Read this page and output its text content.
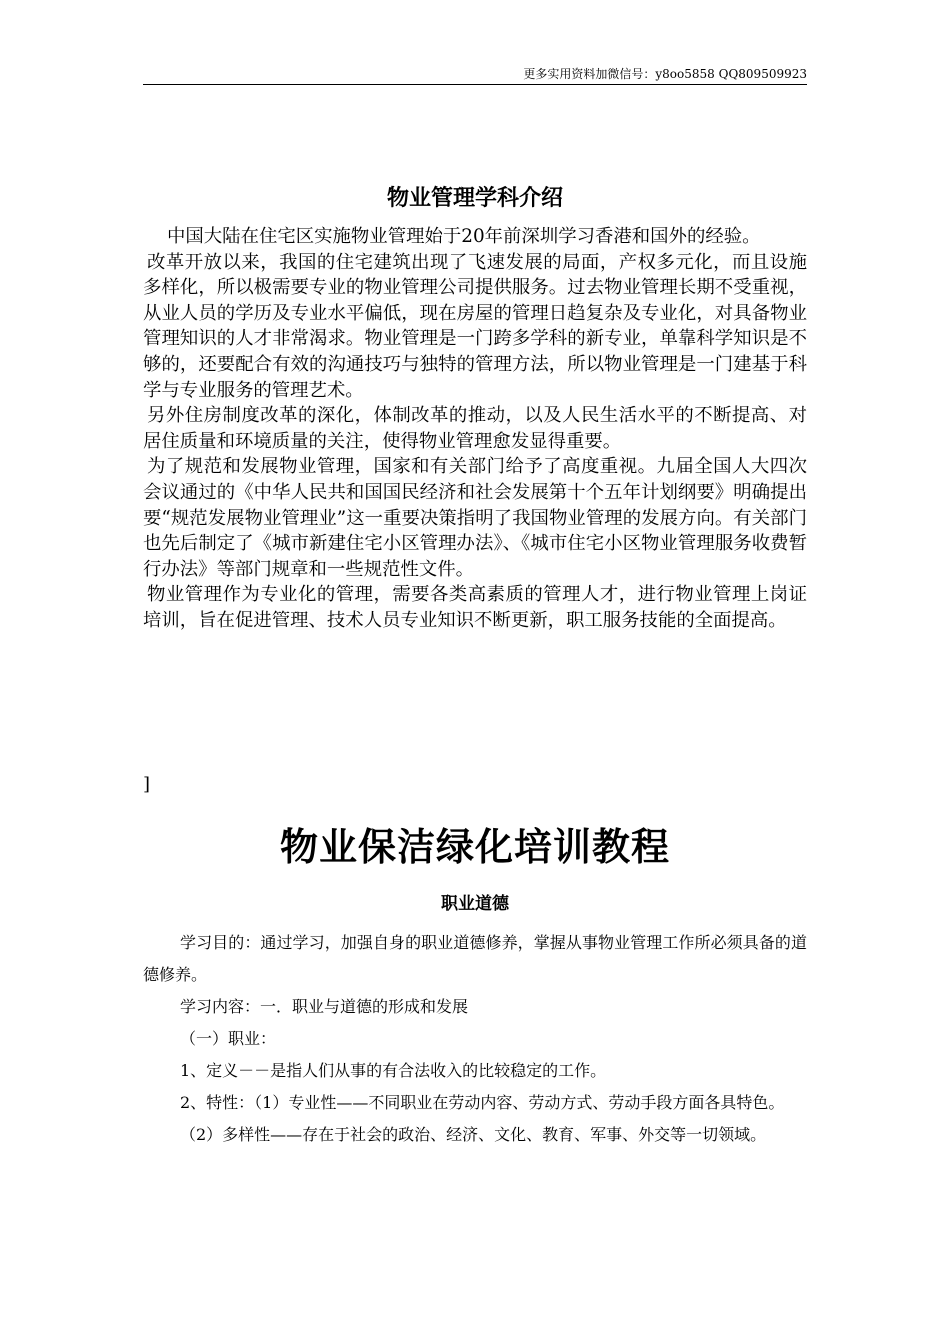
更多实用资料加微信号：y8oo5858 QQ809509923
物业管理学科介绍

中国大陆在住宅区实施物业管理始于20年前深圳学习香港和国外的经验。

改革开放以来，我国的住宅建筑出现了飞速发展的局面，产权多元化，而且设施多样化，所以极需要专业的物业管理公司提供服务。过去物业管理长期不受重视，从业人员的学历及专业水平偏低，现在房屋的管理日趋复杂及专业化，对具备物业管理知识的人才非常渴求。物业管理是一门跨多学科的新专业，单靠科学知识是不够的，还要配合有效的沟通技巧与独特的管理方法，所以物业管理是一门建基于科学与专业服务的管理艺术。

另外住房制度改革的深化，体制改革的推动，以及人民生活水平的不断提高、对居住质量和环境质量的关注，使得物业管理愈发显得重要。

为了规范和发展物业管理，国家和有关部门给予了高度重视。九届全国人大四次会议通过的《中华人民共和国国民经济和社会发展第十个五年计划纲要》明确提出要“规范发展物业管理业”这一重要决策指明了我国物业管理的发展方向。有关部门也先后制定了《城市新建住宅小区管理办法》、《城市住宅小区物业管理服务收费暂行办法》等部门规章和一些规范性文件。

物业管理作为专业化的管理，需要各类高素质的管理人才，进行物业管理上岗证培训，旨在促进管理、技术人员专业知识不断更新，职工服务技能的全面提高。

]
物业保洁绿化培训教程
职业道德

学习目的：通过学习，加强自身的职业道德修养，掌握从事物业管理工作所必须具备的道德修养。

学习内容：一．职业与道德的形成和发展

（一）职业：

1、定义－－是指人们从事的有合法收入的比较稳定的工作。

2、特性：（1）专业性——不同职业在劳动内容、劳动方式、劳动手段方面各具特色。

（2）多样性——存在于社会的政治、经济、文化、教育、军事、外交等一切领域。
